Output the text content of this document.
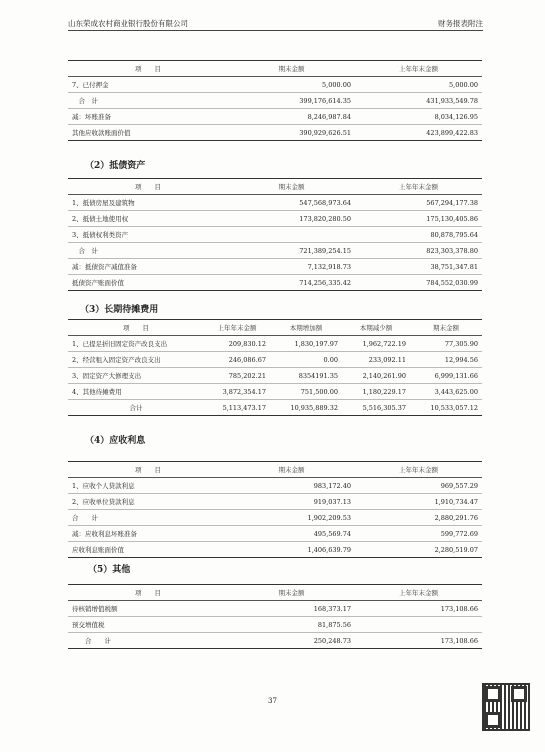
山东荣成农村商业银行股份有限公司	财务报表附注
项　　目	期末金额	上年年末金额
7、已付押金	5,000.00	5,000.00
　合　计	399,176,614.35	431,933,549.78
减：坏账准备	8,246,987.84	8,034,126.95
其他应收款账面价值	390,929,626.51	423,899,422.83
（2）抵债资产
项　　目	期末金额	上年年末金额
1、抵债房屋及建筑物	547,568,973.64	567,294,177.38
2、抵债土地使用权	173,820,280.50	175,130,405.86
3、抵债权利类资产		80,878,795.64
　合　计	721,389,254.15	823,303,378.80
减：抵债资产减值准备	7,132,918.73	38,751,347.81
抵债资产账面价值	714,256,335.42	784,552,030.99
（3）长期待摊费用
项　　目	上年年末金额	本期增加额	本期减少额	期末金额
1、已提足折旧固定资产改良支出	209,830.12	1,830,197.97	1,962,722.19	77,305.90
2、经营租入固定资产改良支出	246,086.67	0.00	233,092.11	12,994.56
3、固定资产大修理支出	785,202.21	8354191.35	2,140,261.90	6,999,131.66
4、其他待摊费用	3,872,354.17	751,500.00	1,180,229.17	3,443,625.00
合计	5,113,473.17	10,935,889.32	5,516,305.37	10,533,057.12
（4）应收利息
项　　目	期末金额	上年年末金额
1、应收个人贷款利息	983,172.40	969,557.29
2、应收单位贷款利息	919,037.13	1,910,734.47
合　　计	1,902,209.53	2,880,291.76
减：应收利息坏账准备	495,569.74	599,772.69
应收利息账面价值	1,406,639.79	2,280,519.07
（5）其他
项　　目	期末金额	上年年末金额
待核销增值税额	168,373.17	173,108.66
预交增值税	81,875.56	
　　合　　计	250,248.73	173,108.66
37
